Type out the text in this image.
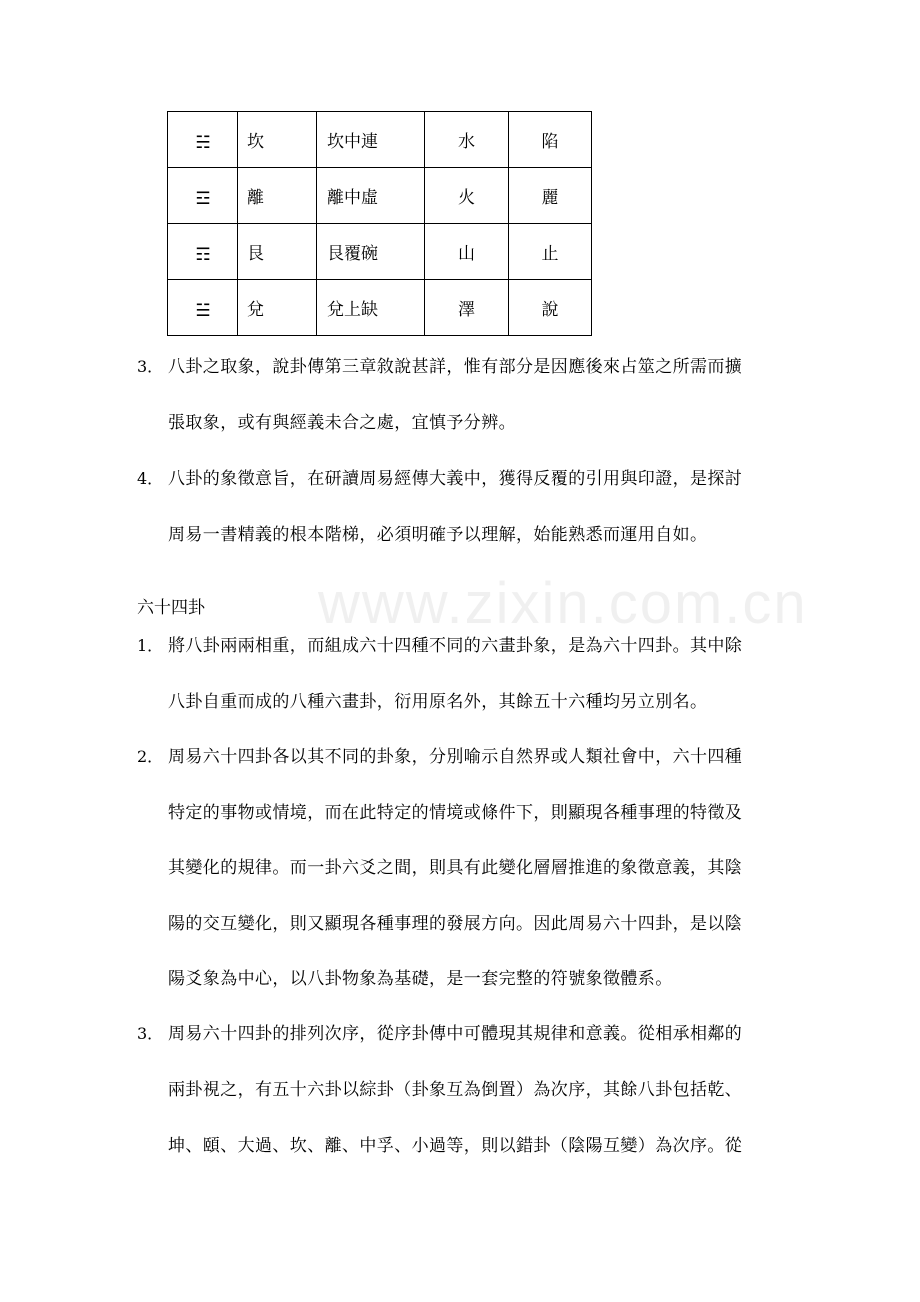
☵	坎	坎中連	水	陷
☲	離	離中虛	火	麗
☶	艮	艮覆碗	山	止
☱	兌	兌上缺	澤	說
3． 八卦之取象，說卦傳第三章敘說甚詳，惟有部分是因應後來占筮之所需而擴
張取象，或有與經義未合之處，宜慎予分辨。
4． 八卦的象徵意旨，在研讀周易經傳大義中，獲得反覆的引用與印證，是探討
周易一書精義的根本階梯，必須明確予以理解，始能熟悉而運用自如。
六十四卦
1． 將八卦兩兩相重，而組成六十四種不同的六畫卦象，是為六十四卦。其中除
八卦自重而成的八種六畫卦，衍用原名外，其餘五十六種均另立別名。
2． 周易六十四卦各以其不同的卦象，分別喻示自然界或人類社會中，六十四種
特定的事物或情境，而在此特定的情境或條件下，則顯現各種事理的特徵及
其變化的規律。而一卦六爻之間，則具有此變化層層推進的象徵意義，其陰
陽的交互變化，則又顯現各種事理的發展方向。因此周易六十四卦，是以陰
陽爻象為中心，以八卦物象為基礎，是一套完整的符號象徵體系。
3． 周易六十四卦的排列次序，從序卦傳中可體現其規律和意義。從相承相鄰的
兩卦視之，有五十六卦以綜卦（卦象互為倒置）為次序，其餘八卦包括乾、
坤、頤、大過、坎、離、中孚、小過等，則以錯卦（陰陽互變）為次序。從
www.zixin.com.cn
